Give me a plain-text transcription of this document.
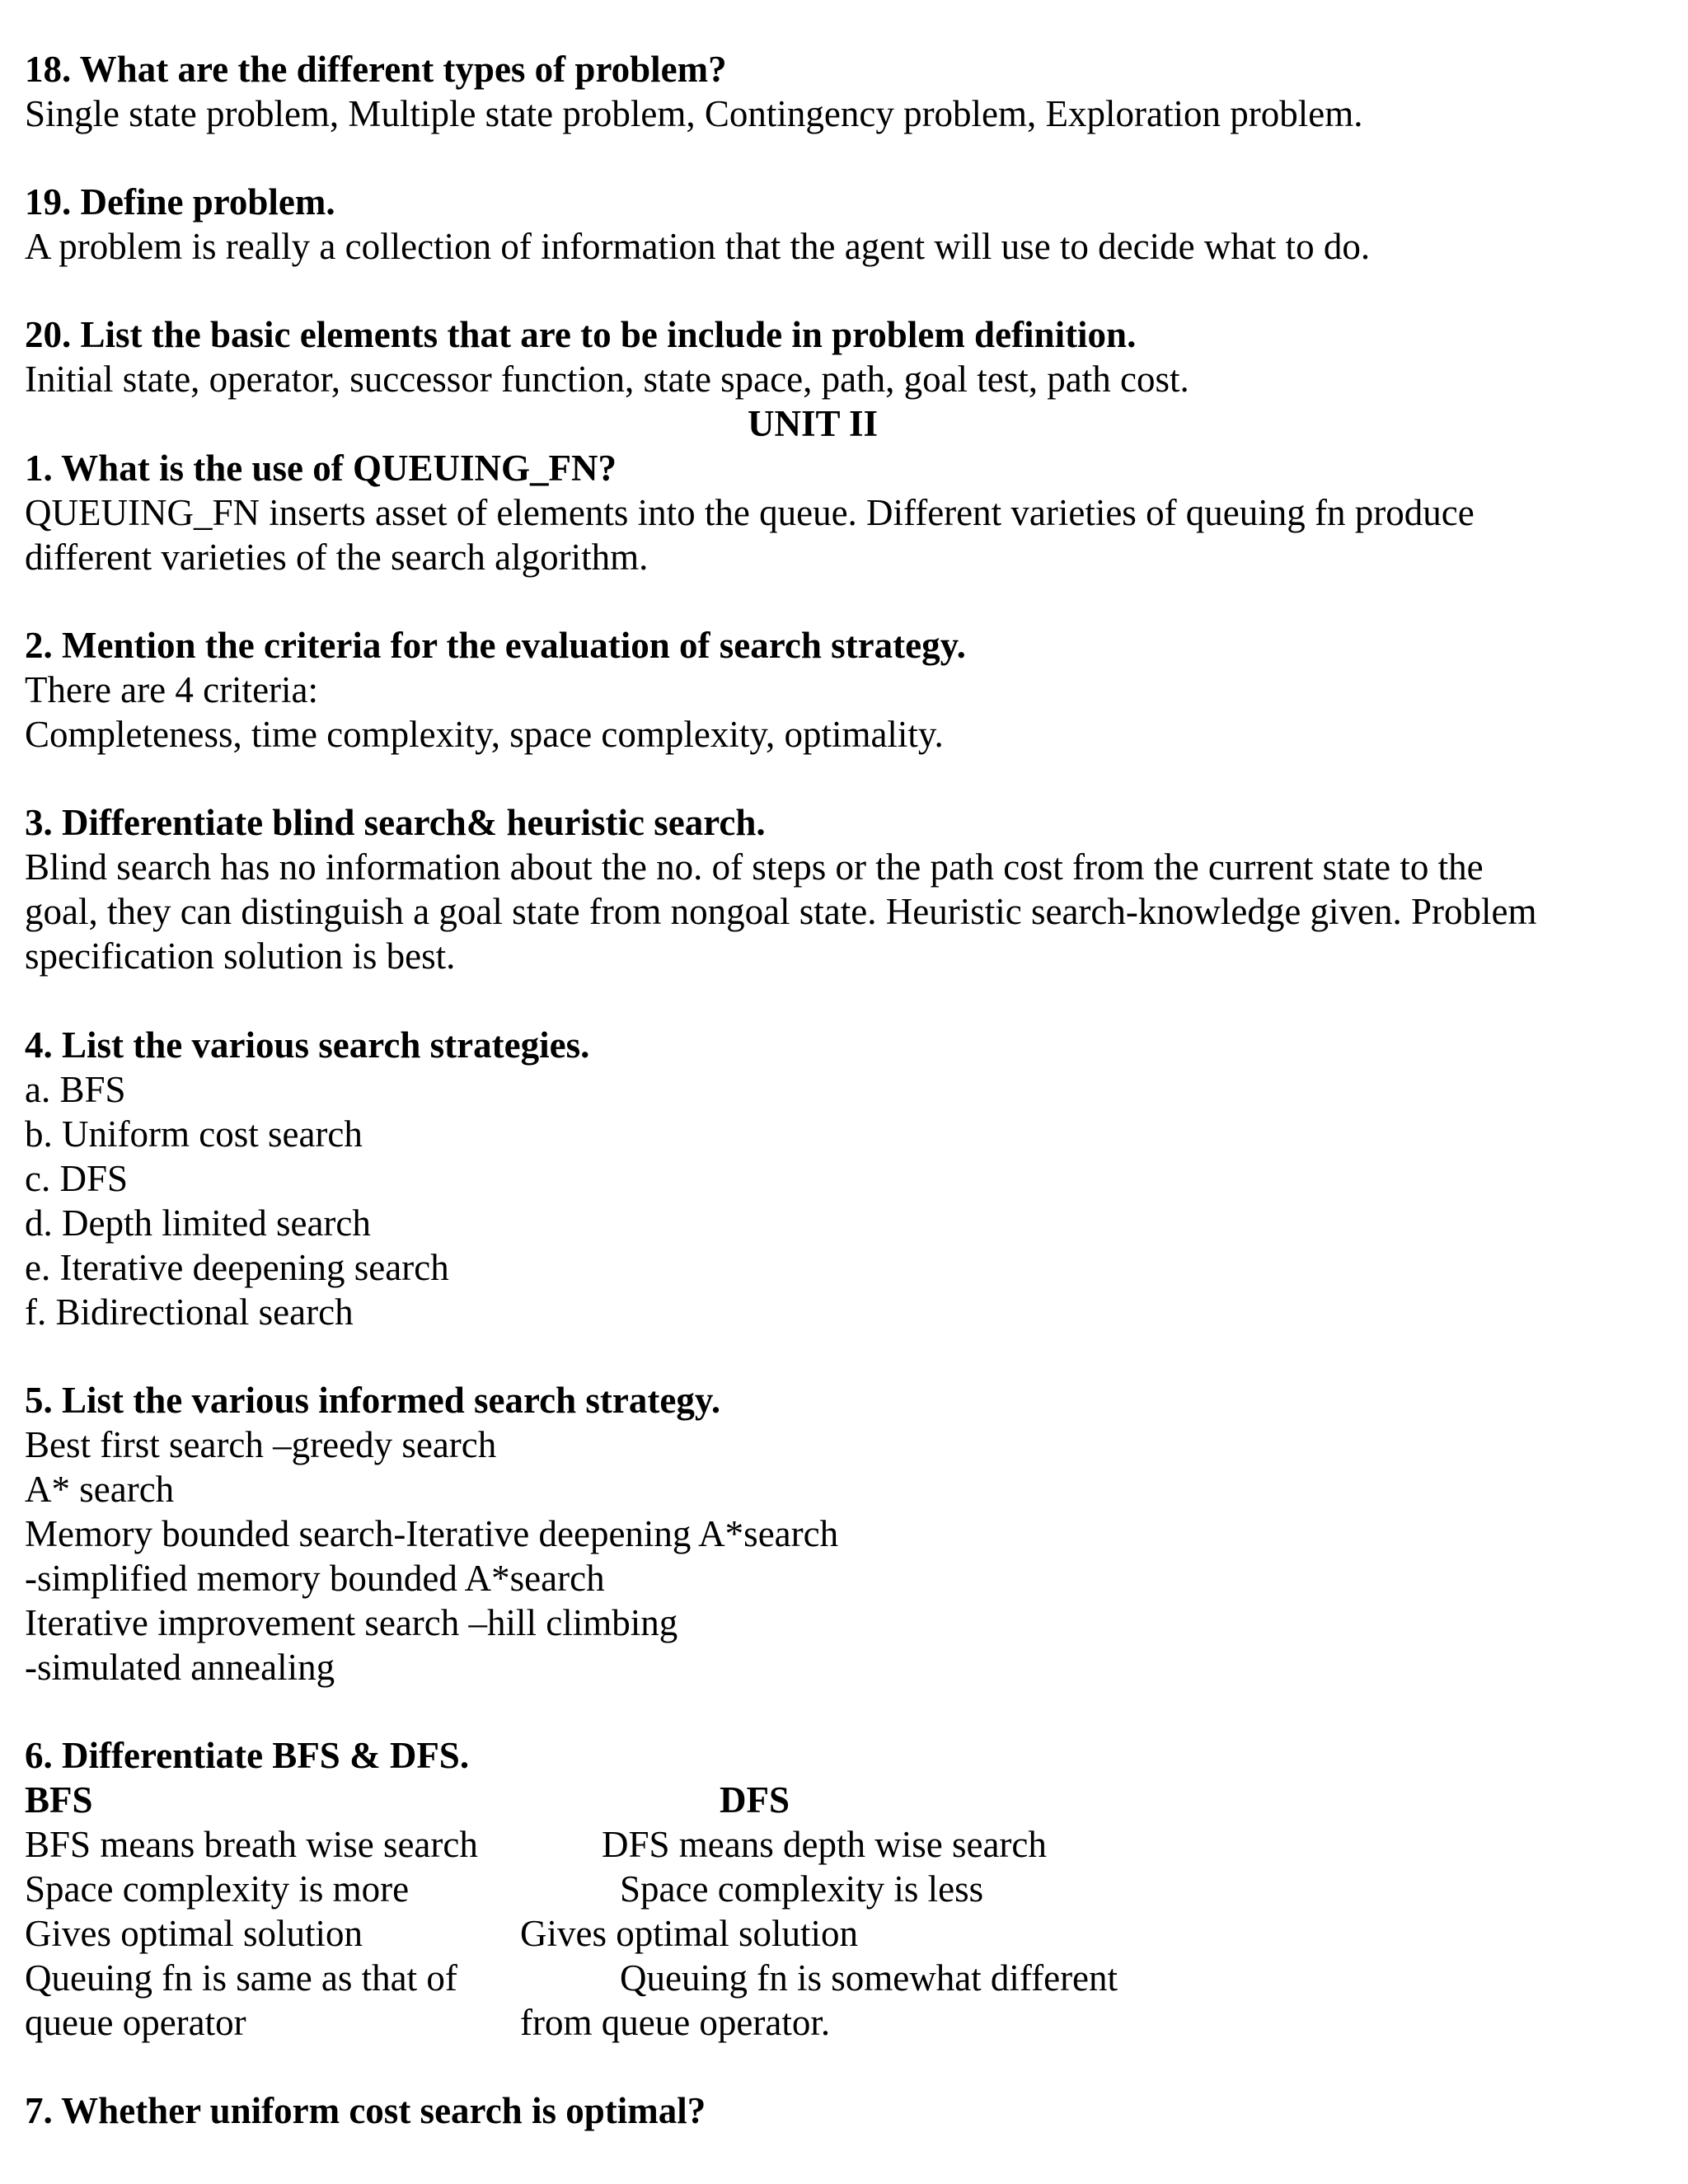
18. What are the different types of problem?
Single state problem, Multiple state problem, Contingency problem, Exploration problem.
19. Define problem.
A problem is really a collection of information that the agent will use to decide what to do.
20. List the basic elements that are to be include in problem definition.
Initial state, operator, successor function, state space, path, goal test, path cost.
UNIT II
1. What is the use of QUEUING_FN?
QUEUING_FN inserts asset of elements into the queue. Different varieties of queuing fn produce
different varieties of the search algorithm.
2. Mention the criteria for the evaluation of search strategy.
There are 4 criteria:
Completeness, time complexity, space complexity, optimality.
3. Differentiate blind search& heuristic search.
Blind search has no information about the no. of steps or the path cost from the current state to the
goal, they can distinguish a goal state from nongoal state. Heuristic search-knowledge given. Problem
specification solution is best.
4. List the various search strategies.
a. BFS
b. Uniform cost search
c. DFS
d. Depth limited search
e. Iterative deepening search
f. Bidirectional search
5. List the various informed search strategy.
Best first search –greedy search
A* search
Memory bounded search-Iterative deepening A*search
-simplified memory bounded A*search
Iterative improvement search –hill climbing
-simulated annealing
6. Differentiate BFS & DFS.
BFS	DFS
BFS means breath wise search	DFS means depth wise search
Space complexity is more	Space complexity is less
Gives optimal solution	Gives optimal solution
Queuing fn is same as that of	Queuing fn is somewhat different
queue operator	from queue operator.
7. Whether uniform cost search is optimal?
